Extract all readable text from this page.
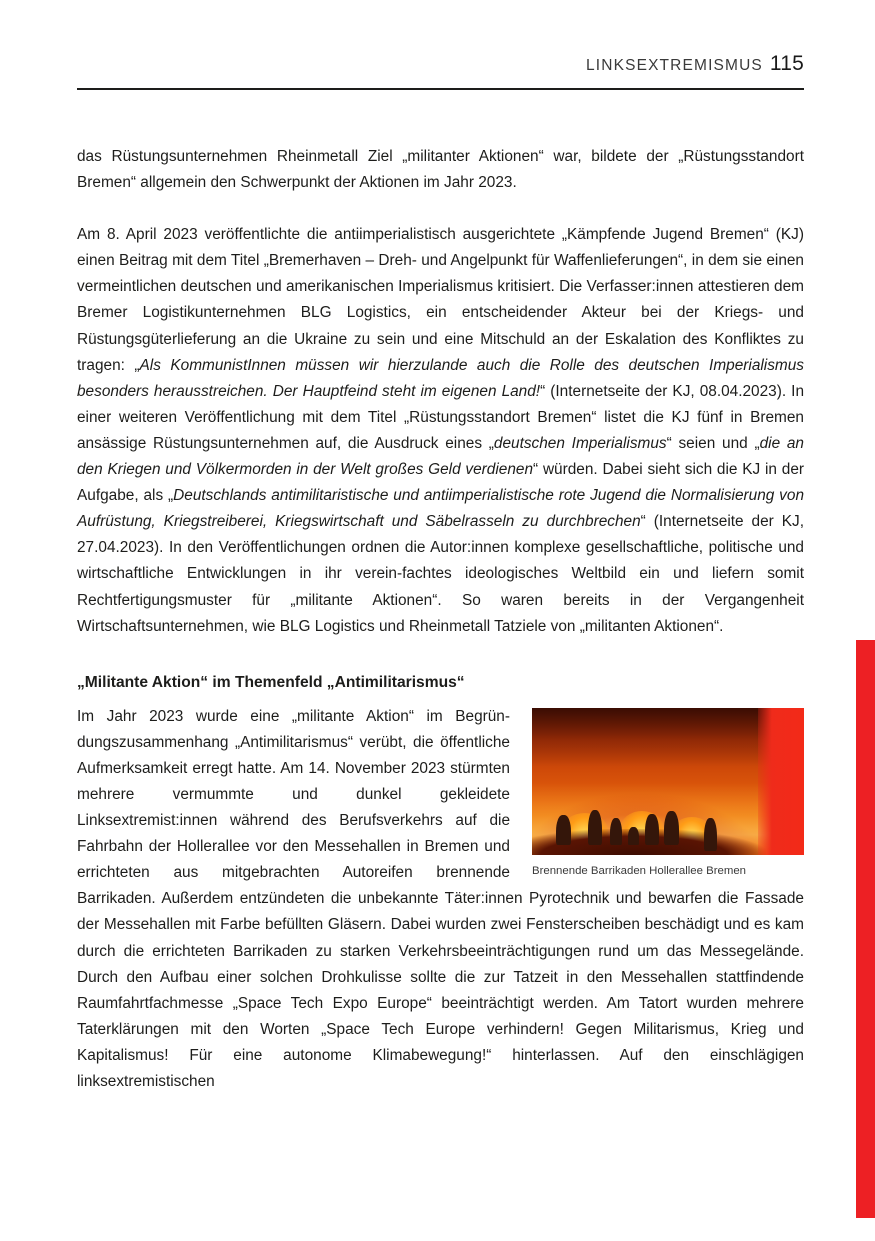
LINKSEXTREMISMUS 115

das Rüstungsunternehmen Rheinmetall Ziel „militanter Aktionen“ war, bildete der „Rüstungsstandort Bremen“ allgemein den Schwerpunkt der Aktionen im Jahr 2023.

Am 8. April 2023 veröffentlichte die antiimperialistisch ausgerichtete „Kämpfende Jugend Bremen“ (KJ) einen Beitrag mit dem Titel „Bremerhaven – Dreh- und Angelpunkt für Waffenlieferungen“, in dem sie einen vermeintlichen deutschen und amerikanischen Imperialismus kritisiert. Die Verfasser:innen attestieren dem Bremer Logistikunternehmen BLG Logistics, ein entscheidender Akteur bei der Kriegs- und Rüstungsgüterlieferung an die Ukraine zu sein und eine Mitschuld an der Eskalation des Konfliktes zu tragen: „Als KommunistInnen müssen wir hierzulande auch die Rolle des deutschen Imperialismus besonders herausstreichen. Der Hauptfeind steht im eigenen Land!“ (Internetseite der KJ, 08.04.2023). In einer weiteren Veröffentlichung mit dem Titel „Rüstungsstandort Bremen“ listet die KJ fünf in Bremen ansässige Rüstungsunternehmen auf, die Ausdruck eines „deutschen Imperialismus“ seien und „die an den Kriegen und Völkermorden in der Welt großes Geld verdienen“ würden. Dabei sieht sich die KJ in der Aufgabe, als „Deutschlands antimilitaristische und antiimperialistische rote Jugend die Normalisierung von Aufrüstung, Kriegstreiberei, Kriegswirtschaft und Säbelrasseln zu durchbrechen“ (Internetseite der KJ, 27.04.2023). In den Veröffentlichungen ordnen die Autor:innen komplexe gesellschaftliche, politische und wirtschaftliche Entwicklungen in ihr verein-fachtes ideologisches Weltbild ein und liefern somit Rechtfertigungsmuster für „militante Aktionen“. So waren bereits in der Vergangenheit Wirtschaftsunternehmen, wie BLG Logistics und Rheinmetall Tatziele von „militanten Aktionen“.

„Militante Aktion“ im Themenfeld „Antimilitarismus“
Brennende Barrikaden Hollerallee Bremen

Im Jahr 2023 wurde eine „militante Aktion“ im Begrün-dungszusammenhang „Antimilitarismus“ verübt, die öffentliche Aufmerksamkeit erregt hatte. Am 14. November 2023 stürmten mehrere vermummte und dunkel gekleidete Linksextremist:innen während des Berufsverkehrs auf die Fahrbahn der Hollerallee vor den Messehallen in Bremen und errichteten aus mitgebrachten Autoreifen brennende Barrikaden. Außerdem entzündeten die unbekannte Täter:innen Pyrotechnik und bewarfen die Fassade der Messehallen mit Farbe befüllten Gläsern. Dabei wurden zwei Fensterscheiben beschädigt und es kam durch die errichteten Barrikaden zu starken Verkehrsbeeinträchtigungen rund um das Messegelände. Durch den Aufbau einer solchen Drohkulisse sollte die zur Tatzeit in den Messehallen stattfindende Raumfahrtfachmesse „Space Tech Expo Europe“ beeinträchtigt werden. Am Tatort wurden mehrere Taterklärungen mit den Worten „Space Tech Europe verhindern! Gegen Militarismus, Krieg und Kapitalismus! Für eine autonome Klimabewegung!“ hinterlassen. Auf den einschlägigen linksextremistischen
